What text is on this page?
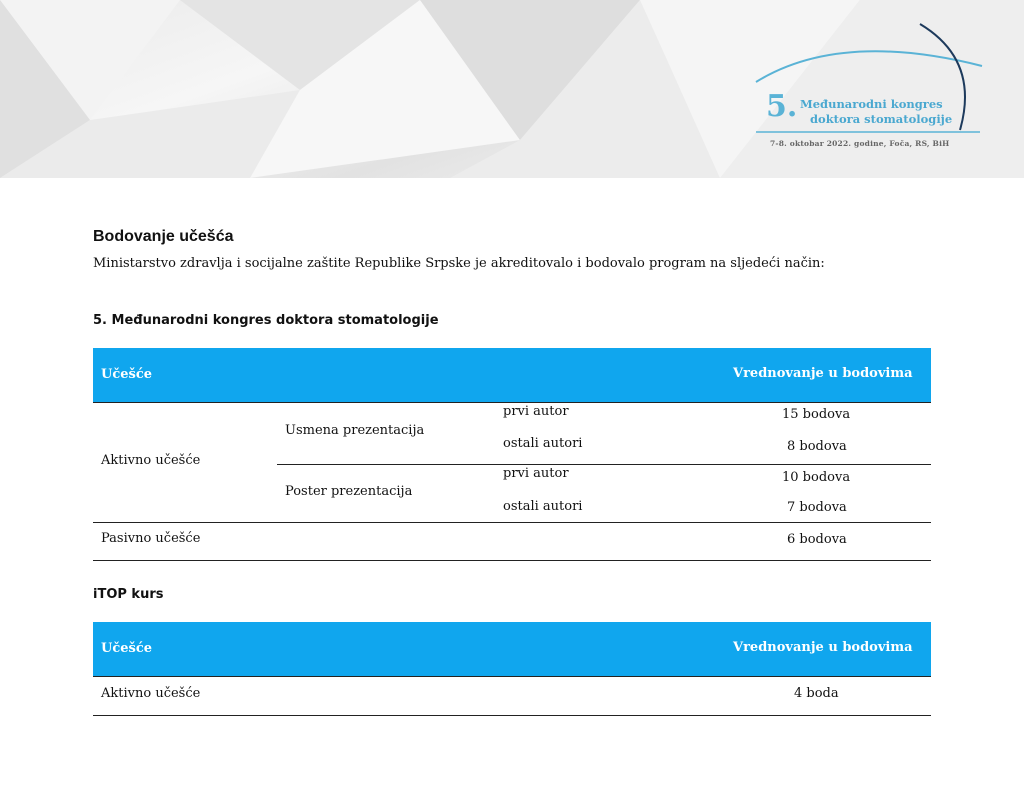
5. Međunarodni kongres
doktora stomatologije
7-8. oktobar 2022. godine, Foča, RS, BiH
Bodovanje učešća
Ministarstvo zdravlja i socijalne zaštite Republike Srpske je akreditovalo i bodovalo program na sljedeći način:
5. Međunarodni kongres doktora stomatologije
Učešće	Vrednovanje u bodovima
Aktivno učešće
Usmena prezentacija
prvi autor	15 bodova
ostali autori	8 bodova
Poster prezentacija
prvi autor	10 bodova
ostali autori	7 bodova
Pasivno učešće	6 bodova
iTOP kurs
Učešće	Vrednovanje u bodovima
Aktivno učešće	4 boda
